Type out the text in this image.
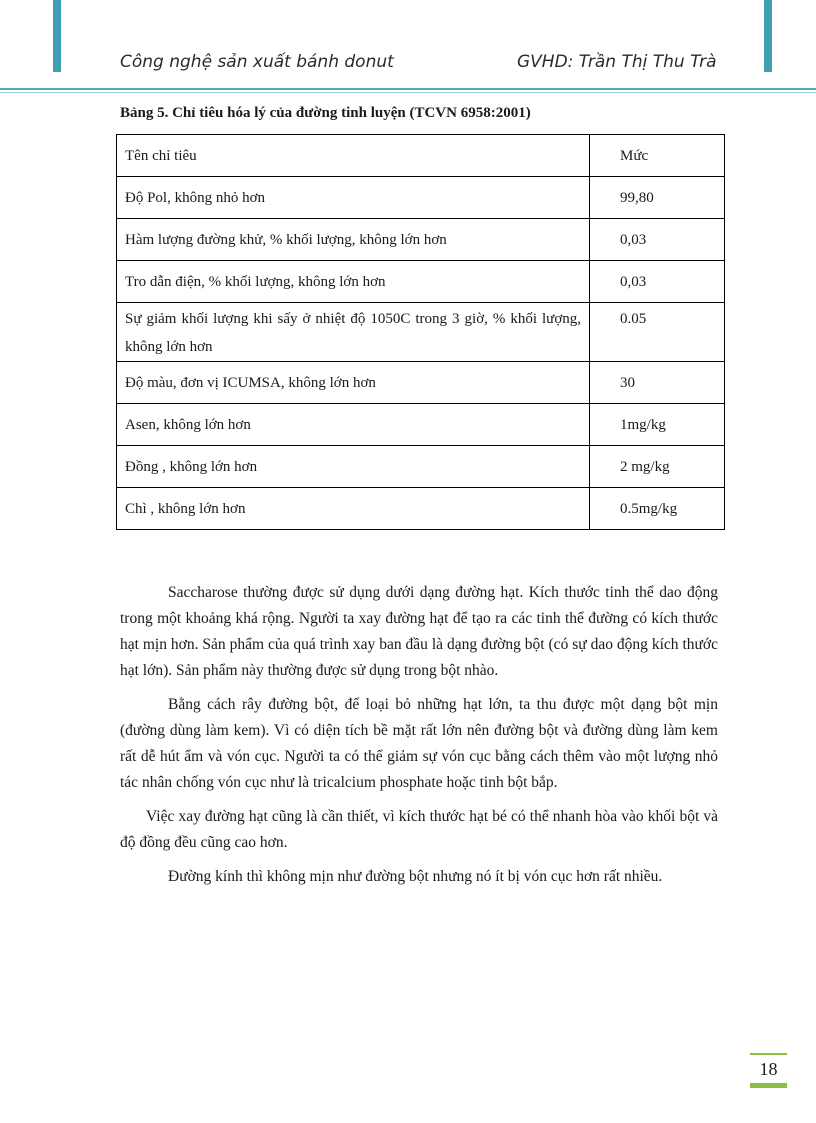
Công nghệ sản xuất bánh donut	GVHD: Trần Thị Thu Trà
Bảng 5. Chỉ tiêu hóa lý của đường tinh luyện (TCVN 6958:2001)
Tên chỉ tiêu	Mức
Độ Pol, không nhỏ hơn	99,80
Hàm lượng đường khử, % khối lượng, không lớn hơn	0,03
Tro dẫn điện, % khối lượng, không lớn hơn	0,03
Sự giảm khối lượng khi sấy ở nhiệt độ 1050C trong 3 giờ, % khối lượng, không lớn hơn	0.05
Độ màu, đơn vị ICUMSA, không lớn hơn	30
Asen, không lớn hơn	1mg/kg
Đồng , không lớn hơn	2 mg/kg
Chì , không lớn hơn	0.5mg/kg

Saccharose thường được sử dụng dưới dạng đường hạt. Kích thước tinh thể dao động trong một khoảng khá rộng. Người ta xay đường hạt để tạo ra các tinh thể đường có kích thước hạt mịn hơn. Sản phẩm của quá trình xay ban đầu là dạng đường bột (có sự dao động kích thước hạt lớn). Sản phẩm này thường được sử dụng trong bột nhào.

Bằng cách rây đường bột, để loại bỏ những hạt lớn, ta thu được một dạng bột mịn (đường dùng làm kem). Vì có diện tích bề mặt rất lớn nên đường bột và đường dùng làm kem rất dễ hút ẩm và vón cục. Người ta có thể giảm sự vón cục bằng cách thêm vào một lượng nhỏ tác nhân chống vón cục như là tricalcium phosphate hoặc tinh bột bắp.

Việc xay đường hạt cũng là cần thiết, vì kích thước hạt bé có thể nhanh hòa vào khối bột và độ đồng đều cũng cao hơn.

Đường kính thì không mịn như đường bột nhưng nó ít bị vón cục hơn rất nhiều.

18
